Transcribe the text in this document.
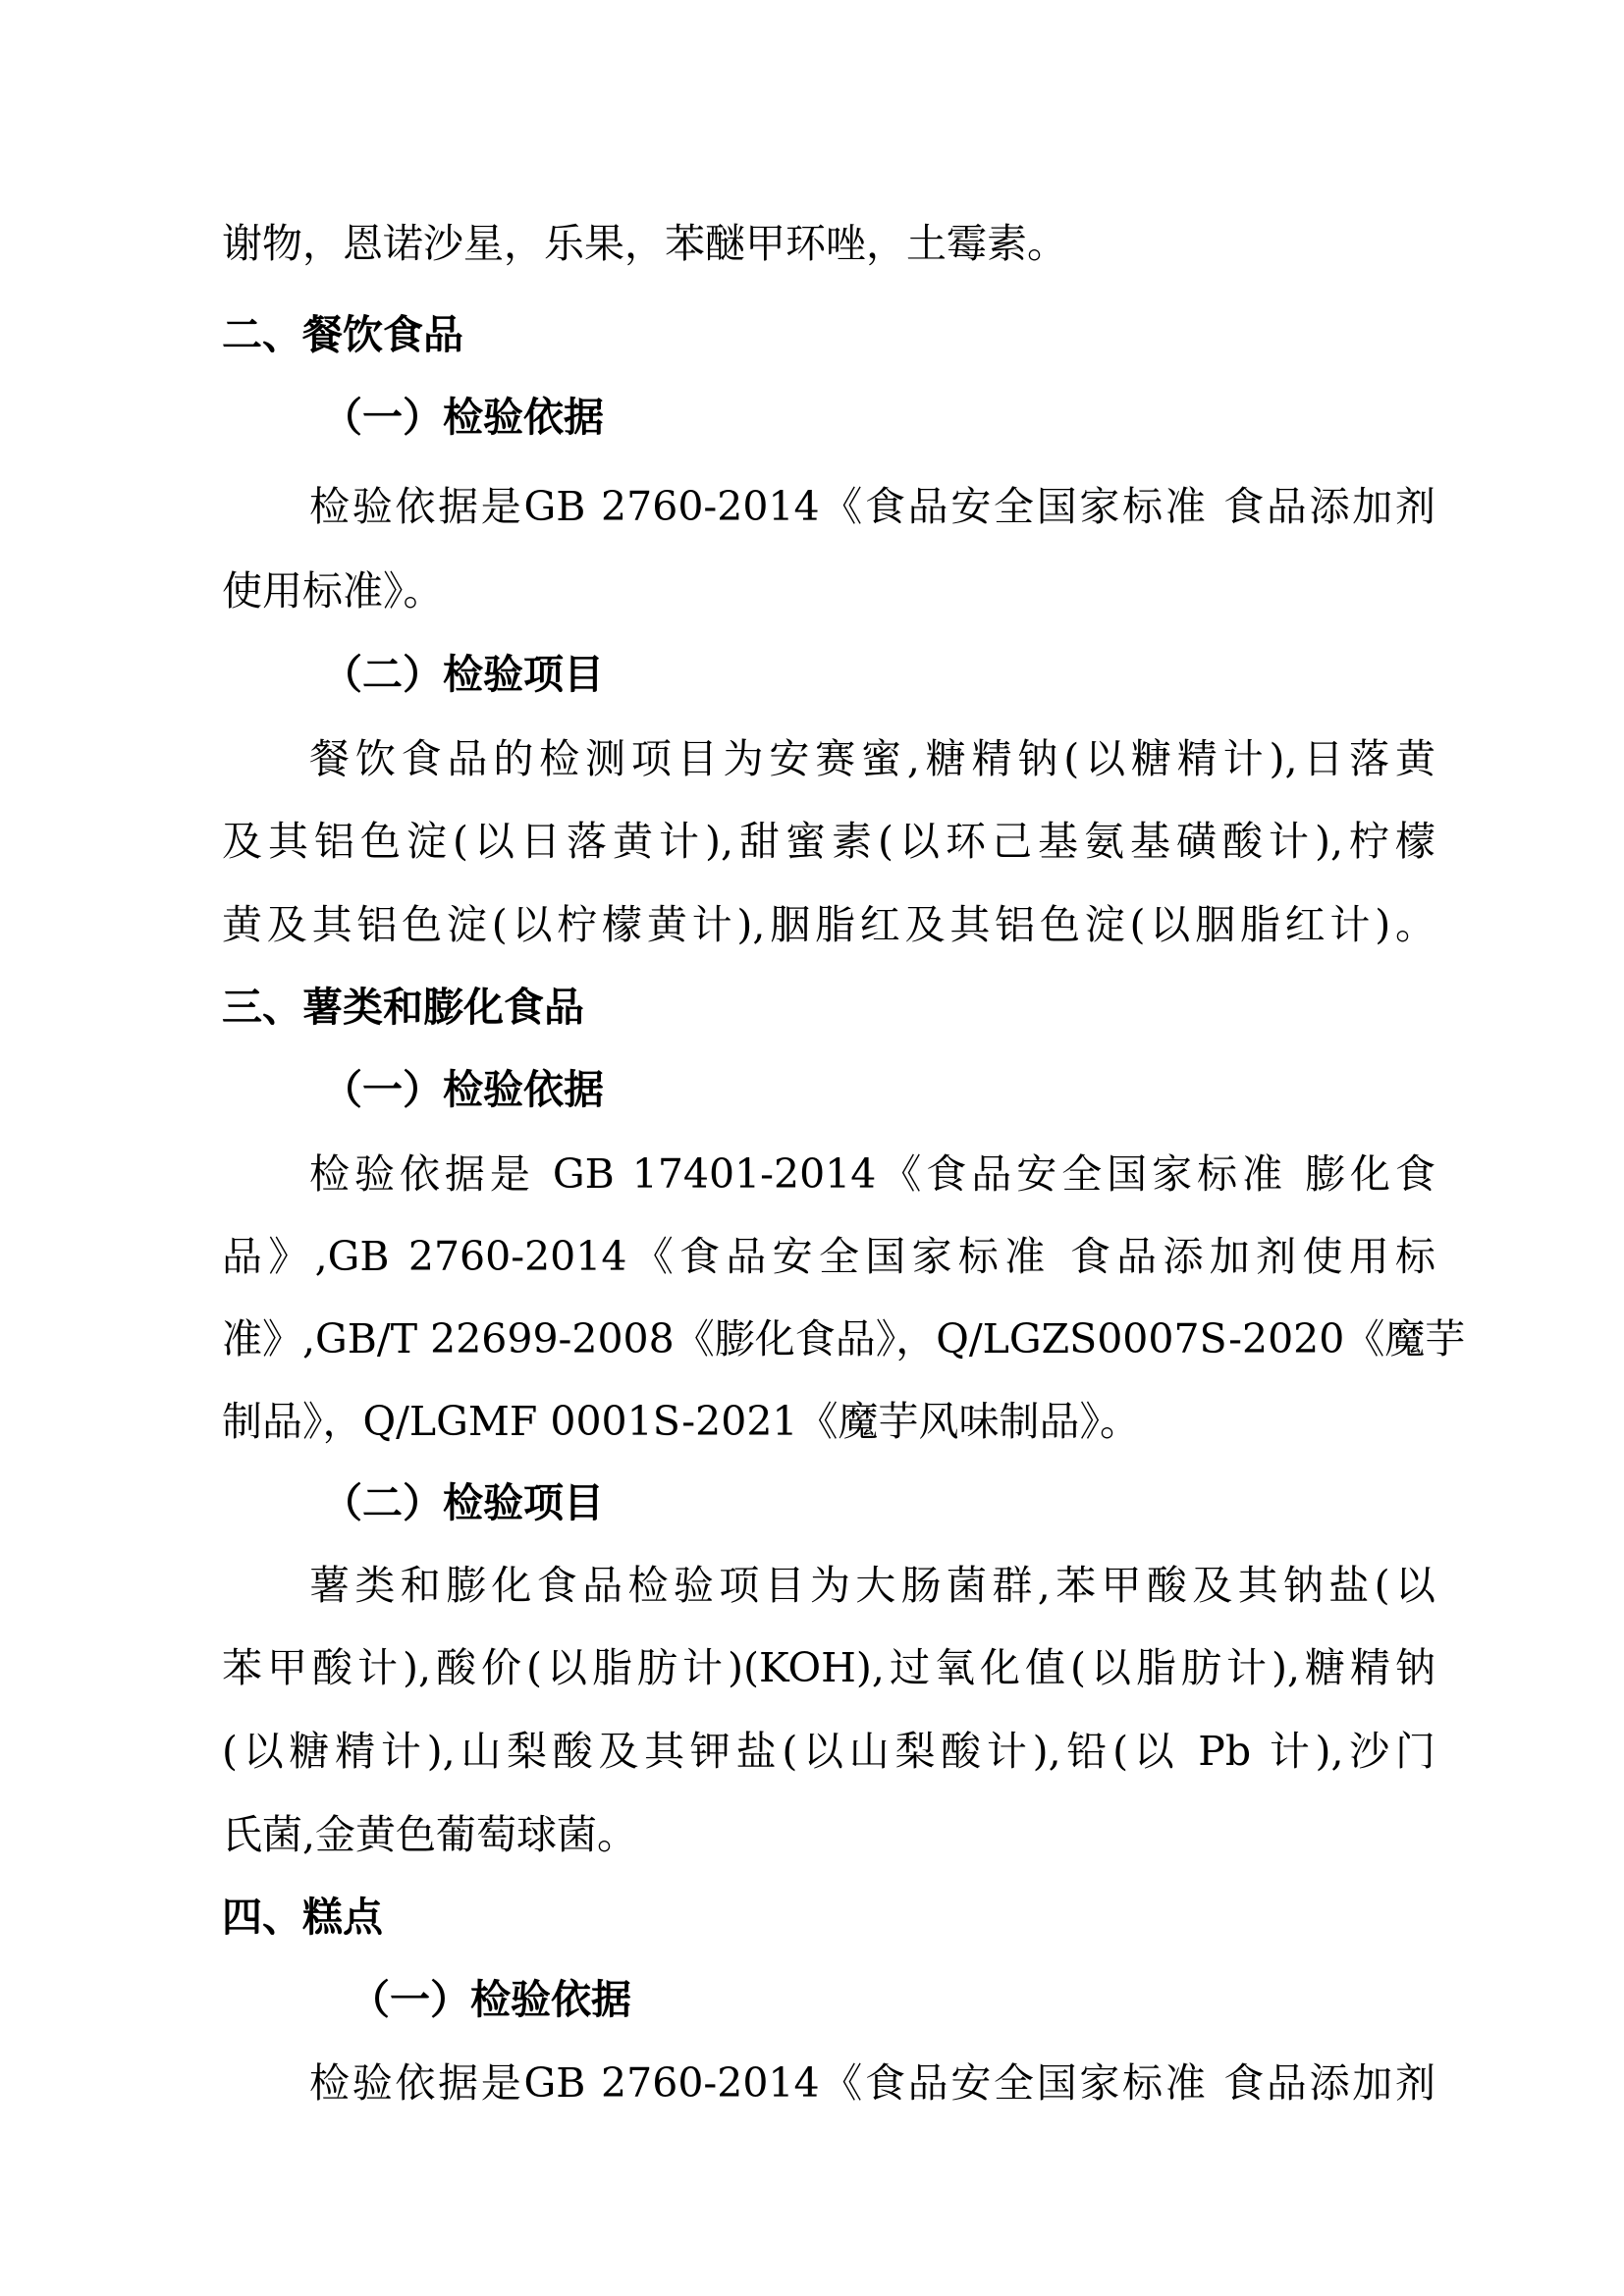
谢物，恩诺沙星，乐果，苯醚甲环唑，土霉素。
二、餐饮食品
（一）检验依据
检验依据是GB 2760-2014《食品安全国家标准 食品添加剂
使用标准》。
（二）检验项目
餐饮食品的检测项目为安赛蜜,糖精钠(以糖精计),日落黄
及其铝色淀(以日落黄计),甜蜜素(以环己基氨基磺酸计),柠檬
黄及其铝色淀(以柠檬黄计),胭脂红及其铝色淀(以胭脂红计)。
三、薯类和膨化食品
（一）检验依据
检验依据是 GB 17401-2014《食品安全国家标准 膨化食
品》,GB 2760-2014《食品安全国家标准 食品添加剂使用标
准》,GB/T 22699-2008《膨化食品》，Q/LGZS0007S-2020《魔芋
制品》，Q/LGMF 0001S-2021《魔芋风味制品》。
（二）检验项目
薯类和膨化食品检验项目为大肠菌群,苯甲酸及其钠盐(以
苯甲酸计),酸价(以脂肪计)(KOH),过氧化值(以脂肪计),糖精钠
(以糖精计),山梨酸及其钾盐(以山梨酸计),铅(以 Pb 计),沙门
氏菌,金黄色葡萄球菌。
四、糕点
（一）检验依据
检验依据是GB 2760-2014《食品安全国家标准 食品添加剂
